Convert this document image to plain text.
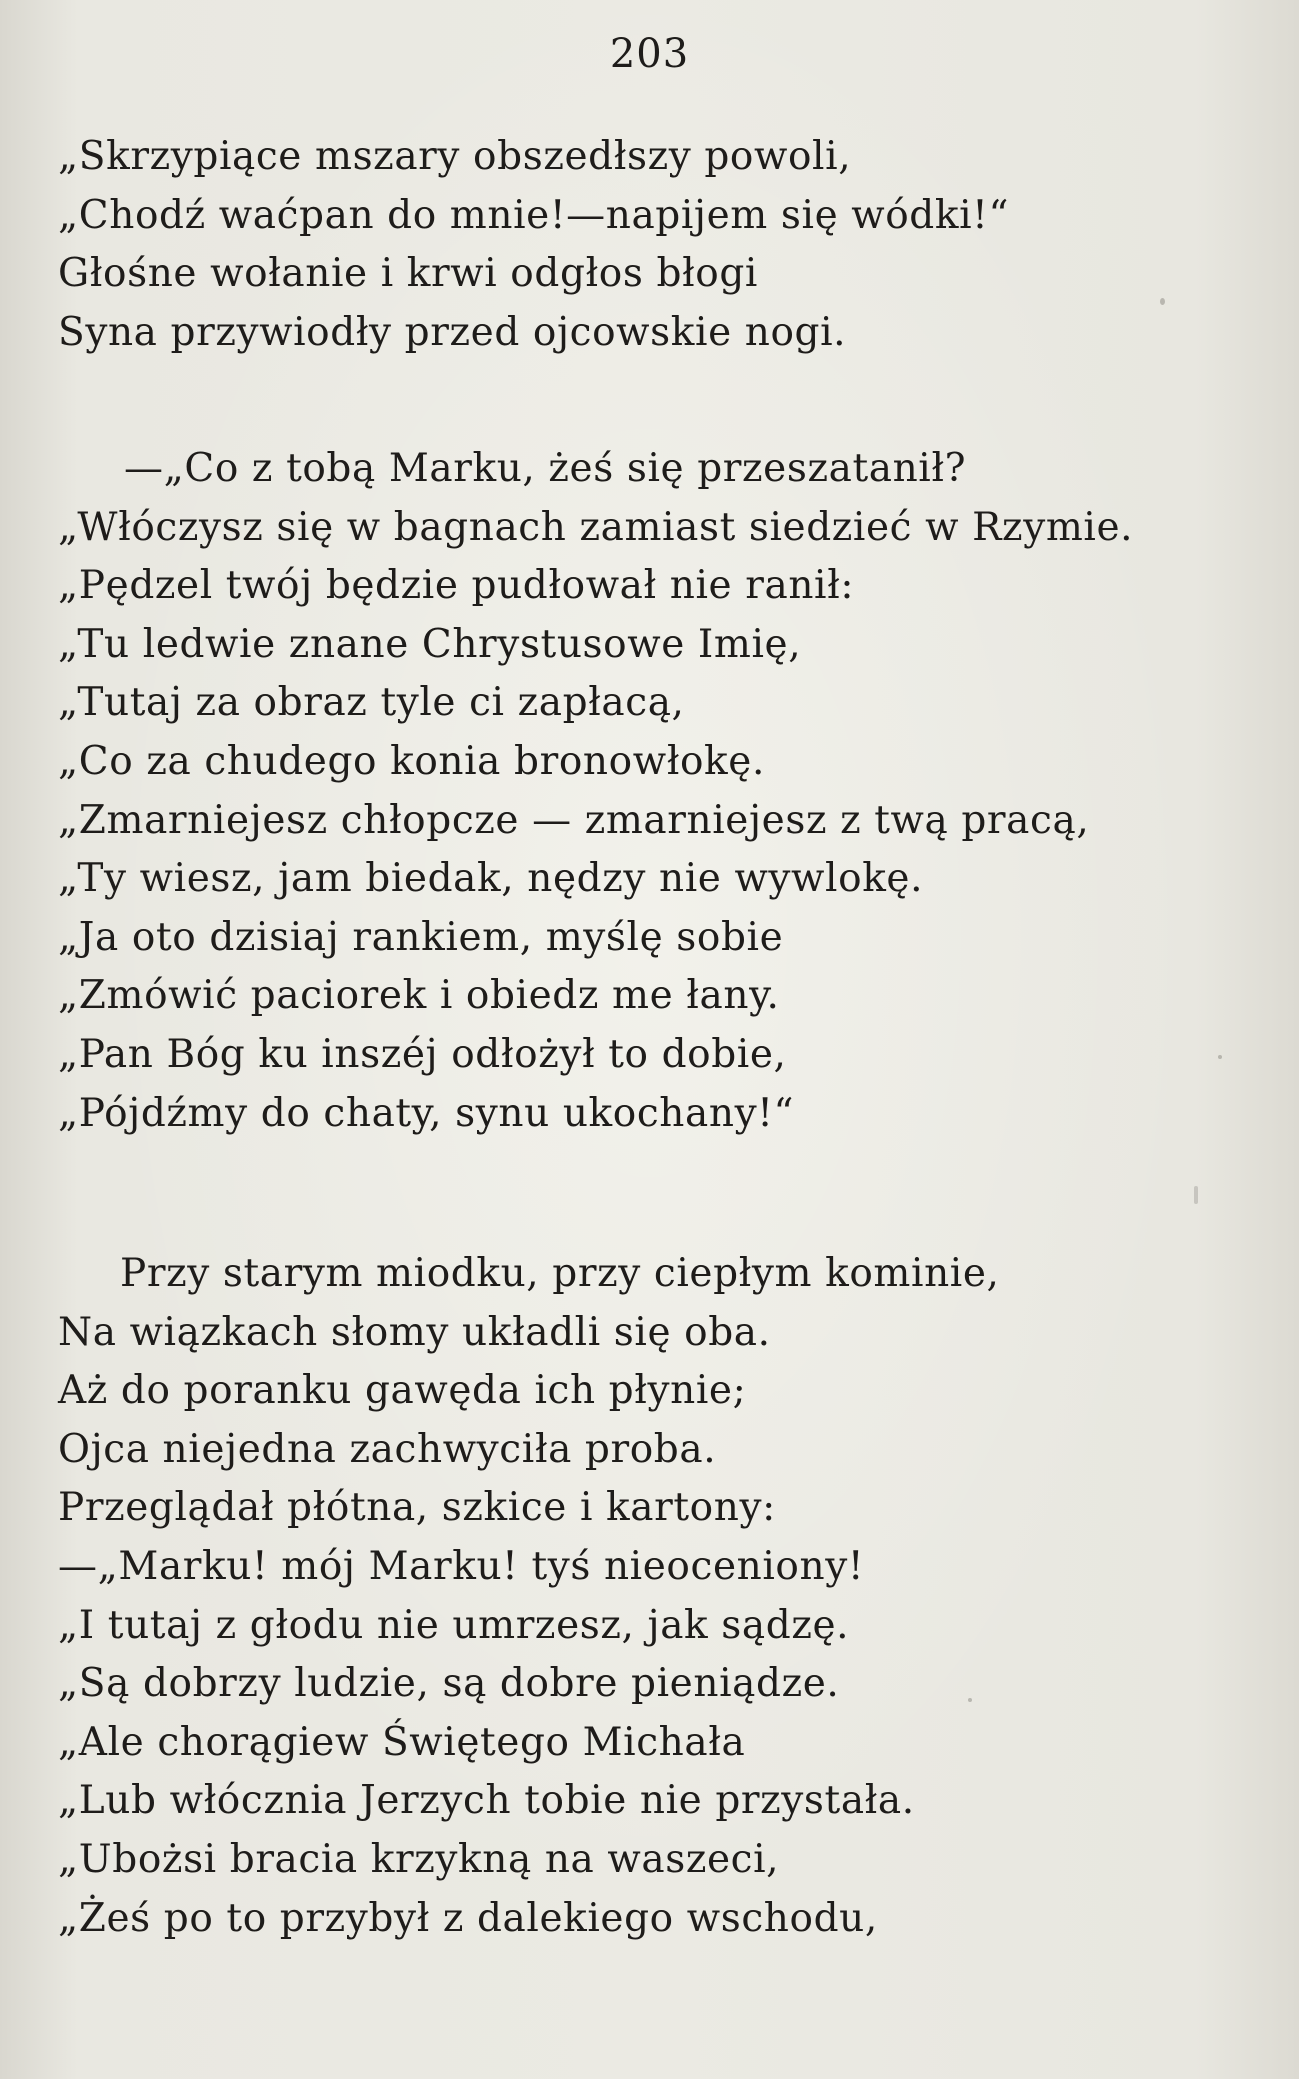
203
„Skrzypiące mszary obszedłszy powoli,
„Chodź waćpan do mnie!—napijem się wódki!“
Głośne wołanie i krwi odgłos błogi
Syna przywiodły przed ojcowskie nogi.
—„Co z tobą Marku, żeś się przeszatanił?
„Włóczysz się w bagnach zamiast siedzieć w Rzymie.
„Pędzel twój będzie pudłował nie ranił:
„Tu ledwie znane Chrystusowe Imię,
„Tutaj za obraz tyle ci zapłacą,
„Co za chudego konia bronowłokę.
„Zmarniejesz chłopcze — zmarniejesz z twą pracą,
„Ty wiesz, jam biedak, nędzy nie wywlokę.
„Ja oto dzisiaj rankiem, myślę sobie
„Zmówić paciorek i obiedz me łany.
„Pan Bóg ku inszéj odłożył to dobie,
„Pójdźmy do chaty, synu ukochany!“
Przy starym miodku, przy ciepłym kominie,
Na wiązkach słomy układli się oba.
Aż do poranku gawęda ich płynie;
Ojca niejedna zachwyciła proba.
Przeglądał płótna, szkice i kartony:
—„Marku! mój Marku! tyś nieoceniony!
„I tutaj z głodu nie umrzesz, jak sądzę.
„Są dobrzy ludzie, są dobre pieniądze.
„Ale chorągiew Świętego Michała
„Lub włócznia Jerzych tobie nie przystała.
„Ubożsi bracia krzykną na waszeci,
„Żeś po to przybył z dalekiego wschodu,
